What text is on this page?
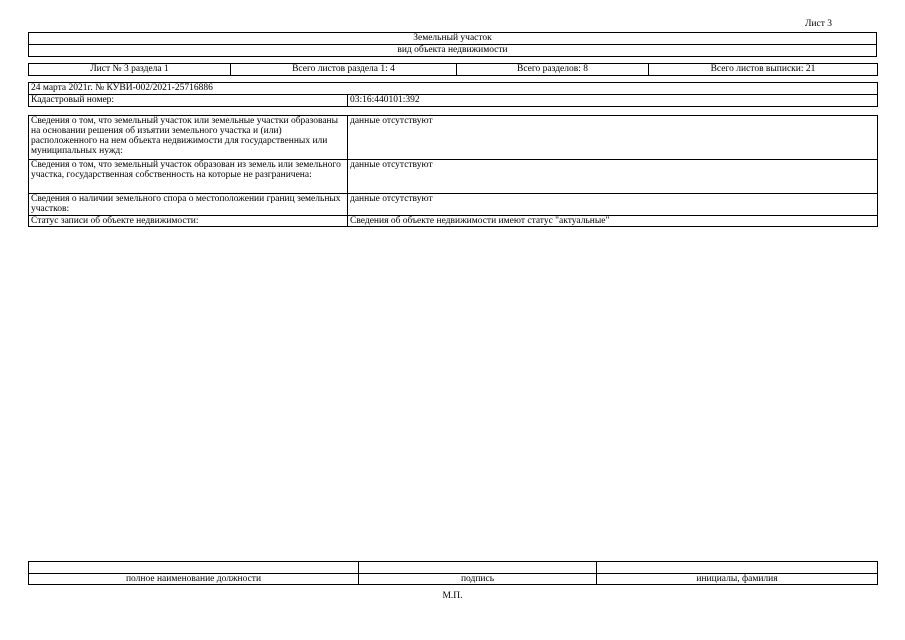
Лист 3
Земельный участок
вид объекта недвижимости
Лист № 3 раздела 1	Всего листов раздела 1: 4	Всего разделов: 8	Всего листов выписки: 21
24 марта 2021г. № КУВИ-002/2021-25716886
Кадастровый номер:	03:16:440101:392
Сведения о том, что земельный участок или земельные участки образованы на основании решения об изъятии земельного участка и (или) расположенного на нем объекта недвижимости для государственных или муниципальных нужд:	данные отсутствуют
Сведения о том, что земельный участок образован из земель или земельного участка, государственная собственность на которые не разграничена:	данные отсутствуют
Сведения о наличии земельного спора о местоположении границ земельных участков:	данные отсутствуют
Статус записи об объекте недвижимости:	Сведения об объекте недвижимости имеют статус "актуальные"

полное наименование должности	подпись	инициалы, фамилия
М.П.
